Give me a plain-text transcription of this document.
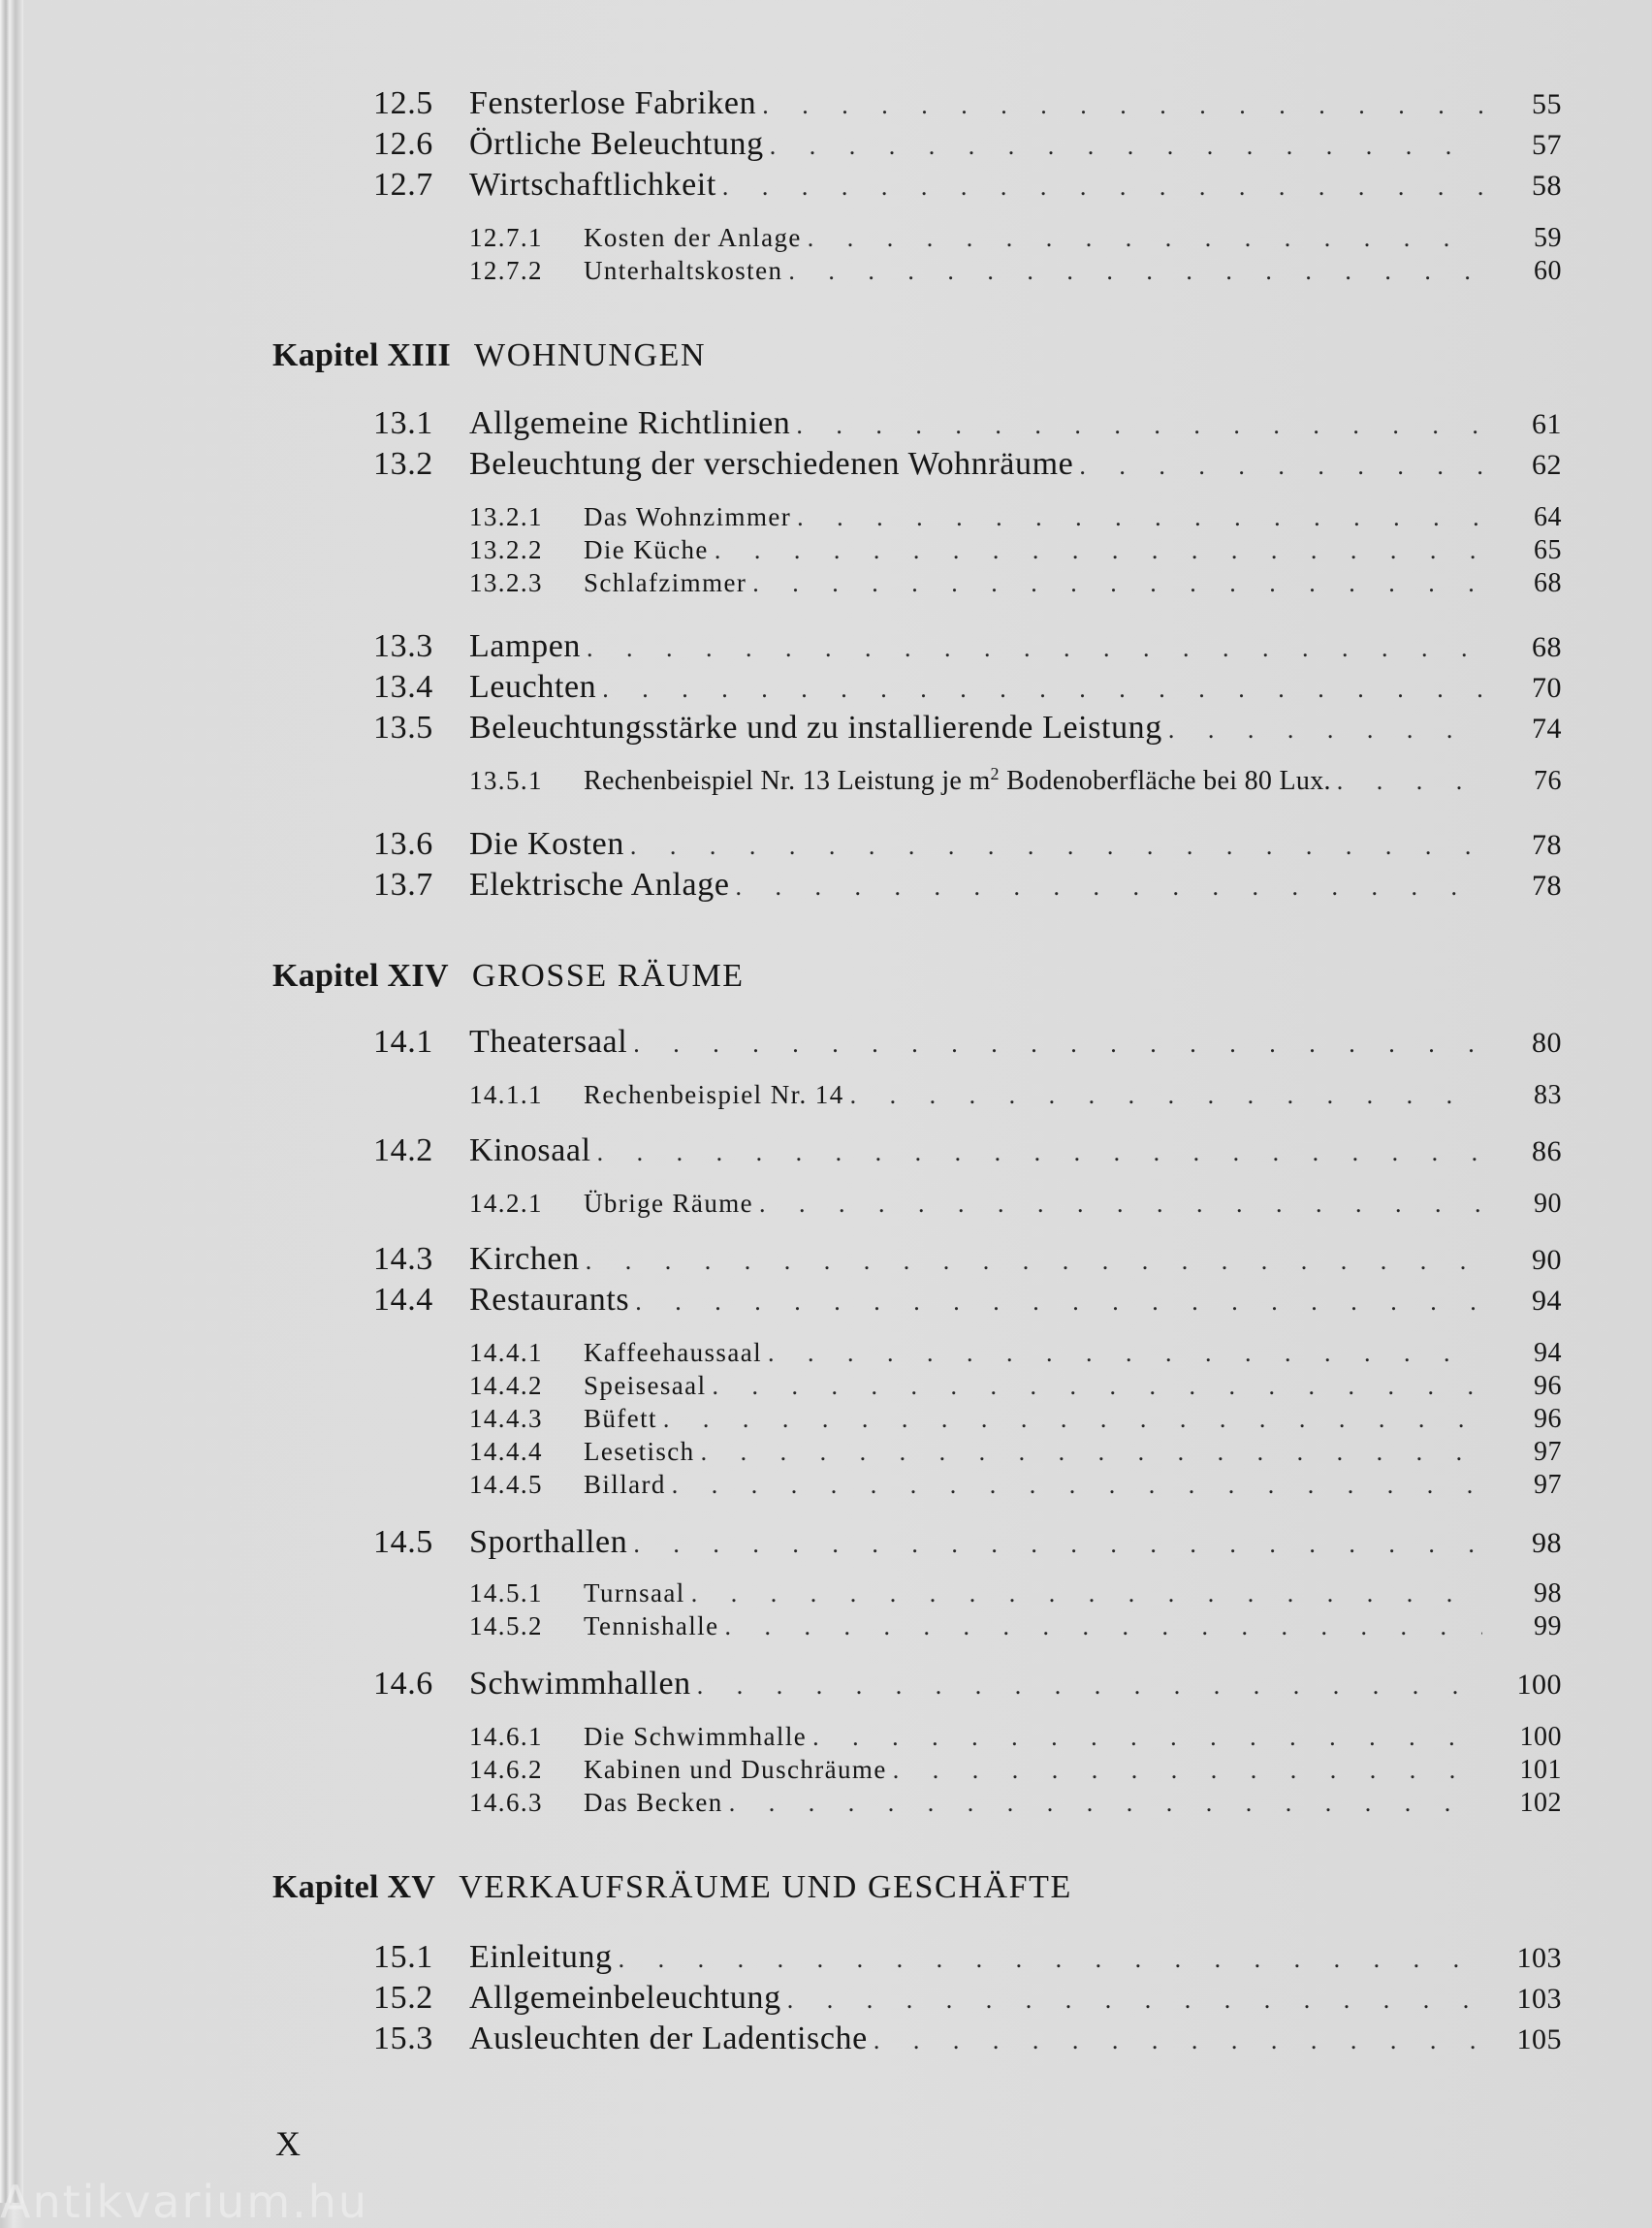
12.5	Fensterlose Fabriken . . .	55
12.6	Örtliche Beleuchtung . . .	57
12.7	Wirtschaftlichkeit . . .	58
12.7.1	Kosten der Anlage . . .	59
12.7.2	Unterhaltskosten . . .	60
Kapitel XIII WOHNUNGEN
13.1	Allgemeine Richtlinien . . .	61
13.2	Beleuchtung der verschiedenen Wohnräume . . .	62
13.2.1	Das Wohnzimmer . . .	64
13.2.2	Die Küche . . .	65
13.2.3	Schlafzimmer . . .	68
13.3	Lampen . . .	68
13.4	Leuchten . . .	70
13.5	Beleuchtungsstärke und zu installierende Leistung . . .	74
13.5.1	Rechenbeispiel Nr. 13 Leistung je $m^2$ Bodenoberfläche bei 80 Lux. . . .	76
13.6	Die Kosten . . .	78
13.7	Elektrische Anlage . . .	78
Kapitel XIV GROSSE RÄUME
14.1	Theatersaal . . .	80
14.1.1	Rechenbeispiel Nr. 14 . . .	83
14.2	Kinosaal . . .	86
14.2.1	Übrige Räume . . .	90
14.3	Kirchen . . .	90
14.4	Restaurants . . .	94
14.4.1	Kaffeehaussaal . . .	94
14.4.2	Speisesaal . . .	96
14.4.3	Büfett . . .	96
14.4.4	Lesetisch . . .	97
14.4.5	Billard . . .	97
14.5	Sporthallen . . .	98
14.5.1	Turnsaal . . .	98
14.5.2	Tennishalle . . .	99
14.6	Schwimmhallen . . .	100
14.6.1	Die Schwimmhalle . . .	100
14.6.2	Kabinen und Duschräume . . .	101
14.6.3	Das Becken . . .	102
Kapitel XV VERKAUFSRÄUME UND GESCHÄFTE
15.1	Einleitung . . .	103
15.2	Allgemeinbeleuchtung . . .	103
15.3	Ausleuchten der Ladentische . . .	105
X
Antikvarium.hu
